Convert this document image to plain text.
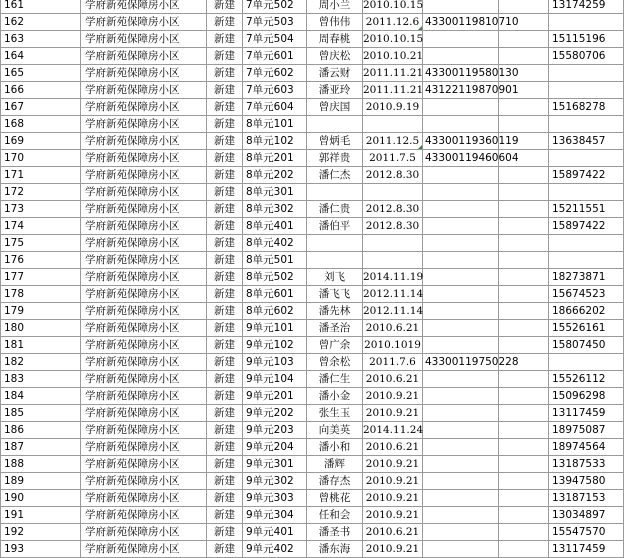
161	学府新苑保障房小区	新建	7单元502	周小兰	2010.10.15			13174259
162	学府新苑保障房小区	新建	7单元503	曾伟伟	2011.12.6	43300119810710		
163	学府新苑保障房小区	新建	7单元504	周春桃	2010.10.15			15115196
164	学府新苑保障房小区	新建	7单元601	曾庆松	2010.10.21			15580706
165	学府新苑保障房小区	新建	7单元602	潘云财	2011.11.21	43300119580130		
166	学府新苑保障房小区	新建	7单元603	潘亚玲	2011.11.21	43122119870901		
167	学府新苑保障房小区	新建	7单元604	曾庆国	2010.9.19			15168278
168	学府新苑保障房小区	新建	8单元101					
169	学府新苑保障房小区	新建	8单元102	曾炳毛	2011.12.5	43300119360119		13638457
170	学府新苑保障房小区	新建	8单元201	郭祥贵	2011.7.5	43300119460604		
171	学府新苑保障房小区	新建	8单元202	潘仁杰	2012.8.30			15897422
172	学府新苑保障房小区	新建	8单元301					
173	学府新苑保障房小区	新建	8单元302	潘仁贵	2012.8.30			15211551
174	学府新苑保障房小区	新建	8单元401	潘伯平	2012.8.30			15897422
175	学府新苑保障房小区	新建	8单元402					
176	学府新苑保障房小区	新建	8单元501					
177	学府新苑保障房小区	新建	8单元502	刘飞	2014.11.19			18273871
178	学府新苑保障房小区	新建	8单元601	潘飞飞	2012.11.14			15674523
179	学府新苑保障房小区	新建	8单元602	潘先林	2012.11.14			18666202
180	学府新苑保障房小区	新建	9单元101	潘圣治	2010.6.21			15526161
181	学府新苑保障房小区	新建	9单元102	曾广余	2010.1019			15807450
182	学府新苑保障房小区	新建	9单元103	曾余松	2011.7.6	43300119750228		
183	学府新苑保障房小区	新建	9单元104	潘仁生	2010.6.21			15526112
184	学府新苑保障房小区	新建	9单元201	潘小金	2010.9.21			15096298
185	学府新苑保障房小区	新建	9单元202	张生玉	2010.9.21			13117459
186	学府新苑保障房小区	新建	9单元203	向美英	2014.11.24			18975087
187	学府新苑保障房小区	新建	9单元204	潘小和	2010.6.21			18974564
188	学府新苑保障房小区	新建	9单元301	潘辉	2010.9.21			13187533
189	学府新苑保障房小区	新建	9单元302	潘存杰	2010.9.21			13947580
190	学府新苑保障房小区	新建	9单元303	曾桃花	2010.9.21			13187153
191	学府新苑保障房小区	新建	9单元304	任和会	2010.9.21			13034897
192	学府新苑保障房小区	新建	9单元401	潘圣书	2010.6.21			15547570
193	学府新苑保障房小区	新建	9单元402	潘东海	2010.9.21			13117459
